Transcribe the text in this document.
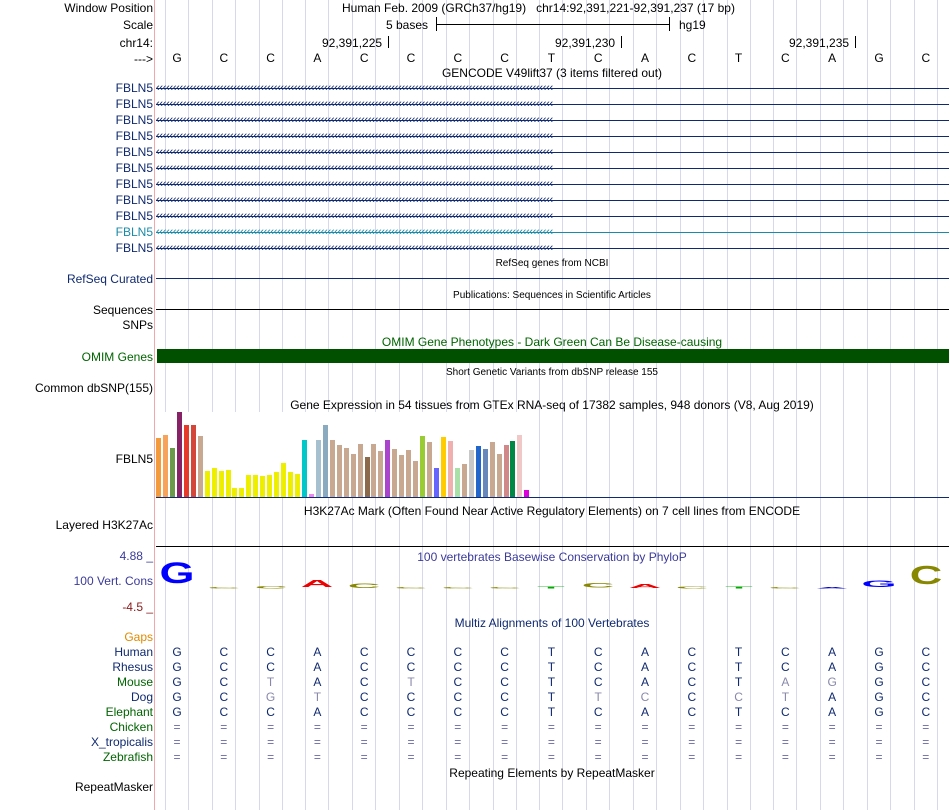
Window Position	Human Feb. 2009 (GRCh37/hg19) chr14:92,391,221-92,391,237 (17 bp)
Scale	5 bases	hg19
chr14:	92,391,225	92,391,230	92,391,235
--->	G	C	C	A	C	C	C	C	T	C	A	C	T	C	A	G	C
GENCODE V49lift37 (3 items filtered out)
FBLN5 ‹‹‹‹‹‹‹‹‹‹‹‹‹‹‹‹‹‹‹‹‹‹‹‹‹‹‹‹‹‹‹‹‹‹‹‹‹‹‹‹‹‹‹‹‹‹‹‹‹‹‹‹‹‹‹‹‹‹‹‹‹‹‹‹‹‹‹‹‹‹‹‹‹‹‹‹‹‹‹‹‹‹‹‹‹‹‹‹‹‹‹‹‹‹‹‹‹‹‹‹‹‹‹‹‹‹‹‹‹‹‹‹‹‹‹‹‹‹
FBLN5 ‹‹‹‹‹‹‹‹‹‹‹‹‹‹‹‹‹‹‹‹‹‹‹‹‹‹‹‹‹‹‹‹‹‹‹‹‹‹‹‹‹‹‹‹‹‹‹‹‹‹‹‹‹‹‹‹‹‹‹‹‹‹‹‹‹‹‹‹‹‹‹‹‹‹‹‹‹‹‹‹‹‹‹‹‹‹‹‹‹‹‹‹‹‹‹‹‹‹‹‹‹‹‹‹‹‹‹‹‹‹‹‹‹‹‹‹‹‹
FBLN5 ‹‹‹‹‹‹‹‹‹‹‹‹‹‹‹‹‹‹‹‹‹‹‹‹‹‹‹‹‹‹‹‹‹‹‹‹‹‹‹‹‹‹‹‹‹‹‹‹‹‹‹‹‹‹‹‹‹‹‹‹‹‹‹‹‹‹‹‹‹‹‹‹‹‹‹‹‹‹‹‹‹‹‹‹‹‹‹‹‹‹‹‹‹‹‹‹‹‹‹‹‹‹‹‹‹‹‹‹‹‹‹‹‹‹‹‹‹‹
FBLN5 ‹‹‹‹‹‹‹‹‹‹‹‹‹‹‹‹‹‹‹‹‹‹‹‹‹‹‹‹‹‹‹‹‹‹‹‹‹‹‹‹‹‹‹‹‹‹‹‹‹‹‹‹‹‹‹‹‹‹‹‹‹‹‹‹‹‹‹‹‹‹‹‹‹‹‹‹‹‹‹‹‹‹‹‹‹‹‹‹‹‹‹‹‹‹‹‹‹‹‹‹‹‹‹‹‹‹‹‹‹‹‹‹‹‹‹‹‹‹
FBLN5 ‹‹‹‹‹‹‹‹‹‹‹‹‹‹‹‹‹‹‹‹‹‹‹‹‹‹‹‹‹‹‹‹‹‹‹‹‹‹‹‹‹‹‹‹‹‹‹‹‹‹‹‹‹‹‹‹‹‹‹‹‹‹‹‹‹‹‹‹‹‹‹‹‹‹‹‹‹‹‹‹‹‹‹‹‹‹‹‹‹‹‹‹‹‹‹‹‹‹‹‹‹‹‹‹‹‹‹‹‹‹‹‹‹‹‹‹‹‹
FBLN5 ‹‹‹‹‹‹‹‹‹‹‹‹‹‹‹‹‹‹‹‹‹‹‹‹‹‹‹‹‹‹‹‹‹‹‹‹‹‹‹‹‹‹‹‹‹‹‹‹‹‹‹‹‹‹‹‹‹‹‹‹‹‹‹‹‹‹‹‹‹‹‹‹‹‹‹‹‹‹‹‹‹‹‹‹‹‹‹‹‹‹‹‹‹‹‹‹‹‹‹‹‹‹‹‹‹‹‹‹‹‹‹‹‹‹‹‹‹‹
FBLN5 ‹‹‹‹‹‹‹‹‹‹‹‹‹‹‹‹‹‹‹‹‹‹‹‹‹‹‹‹‹‹‹‹‹‹‹‹‹‹‹‹‹‹‹‹‹‹‹‹‹‹‹‹‹‹‹‹‹‹‹‹‹‹‹‹‹‹‹‹‹‹‹‹‹‹‹‹‹‹‹‹‹‹‹‹‹‹‹‹‹‹‹‹‹‹‹‹‹‹‹‹‹‹‹‹‹‹‹‹‹‹‹‹‹‹‹‹‹‹
FBLN5 ‹‹‹‹‹‹‹‹‹‹‹‹‹‹‹‹‹‹‹‹‹‹‹‹‹‹‹‹‹‹‹‹‹‹‹‹‹‹‹‹‹‹‹‹‹‹‹‹‹‹‹‹‹‹‹‹‹‹‹‹‹‹‹‹‹‹‹‹‹‹‹‹‹‹‹‹‹‹‹‹‹‹‹‹‹‹‹‹‹‹‹‹‹‹‹‹‹‹‹‹‹‹‹‹‹‹‹‹‹‹‹‹‹‹‹‹‹‹
FBLN5 ‹‹‹‹‹‹‹‹‹‹‹‹‹‹‹‹‹‹‹‹‹‹‹‹‹‹‹‹‹‹‹‹‹‹‹‹‹‹‹‹‹‹‹‹‹‹‹‹‹‹‹‹‹‹‹‹‹‹‹‹‹‹‹‹‹‹‹‹‹‹‹‹‹‹‹‹‹‹‹‹‹‹‹‹‹‹‹‹‹‹‹‹‹‹‹‹‹‹‹‹‹‹‹‹‹‹‹‹‹‹‹‹‹‹‹‹‹‹
FBLN5 ‹‹‹‹‹‹‹‹‹‹‹‹‹‹‹‹‹‹‹‹‹‹‹‹‹‹‹‹‹‹‹‹‹‹‹‹‹‹‹‹‹‹‹‹‹‹‹‹‹‹‹‹‹‹‹‹‹‹‹‹‹‹‹‹‹‹‹‹‹‹‹‹‹‹‹‹‹‹‹‹‹‹‹‹‹‹‹‹‹‹‹‹‹‹‹‹‹‹‹‹‹‹‹‹‹‹‹‹‹‹‹‹‹‹‹‹‹‹
FBLN5 ‹‹‹‹‹‹‹‹‹‹‹‹‹‹‹‹‹‹‹‹‹‹‹‹‹‹‹‹‹‹‹‹‹‹‹‹‹‹‹‹‹‹‹‹‹‹‹‹‹‹‹‹‹‹‹‹‹‹‹‹‹‹‹‹‹‹‹‹‹‹‹‹‹‹‹‹‹‹‹‹‹‹‹‹‹‹‹‹‹‹‹‹‹‹‹‹‹‹‹‹‹‹‹‹‹‹‹‹‹‹‹‹‹‹‹‹‹‹
RefSeq genes from NCBI
RefSeq Curated
Publications: Sequences in Scientific Articles
Sequences
SNPs
OMIM Gene Phenotypes - Dark Green Can Be Disease-causing
OMIM Genes
Short Genetic Variants from dbSNP release 155
Common dbSNP(155)
Gene Expression in 54 tissues from GTEx RNA-seq of 17382 samples, 948 donors (V8, Aug 2019)
FBLN5
H3K27Ac Mark (Often Found Near Active Regulatory Elements) on 7 cell lines from ENCODE
Layered H3K27Ac
100 vertebrates Basewise Conservation by PhyloP
4.88 _
100 Vert. Cons
-4.5 _
G C C A C C C C T C A C T C A G C
Multiz Alignments of 100 Vertebrates
Gaps
Human	G	C	C	A	C	C	C	C	T	C	A	C	T	C	A	G	C
Rhesus	G	C	C	A	C	C	C	C	T	C	A	C	T	C	A	G	C
Mouse	G	C	T	A	C	T	C	C	T	C	A	C	T	A	G	G	C
Dog	G	C	G	T	C	C	C	C	T	T	C	C	C	T	A	G	C
Elephant	G	C	C	A	C	C	C	C	T	C	A	C	T	C	A	G	C
Chicken	=	=	=	=	=	=	=	=	=	=	=	=	=	=	=	=	=
X_tropicalis	=	=	=	=	=	=	=	=	=	=	=	=	=	=	=	=	=
Zebrafish	=	=	=	=	=	=	=	=	=	=	=	=	=	=	=	=	=
Repeating Elements by RepeatMasker
RepeatMasker
